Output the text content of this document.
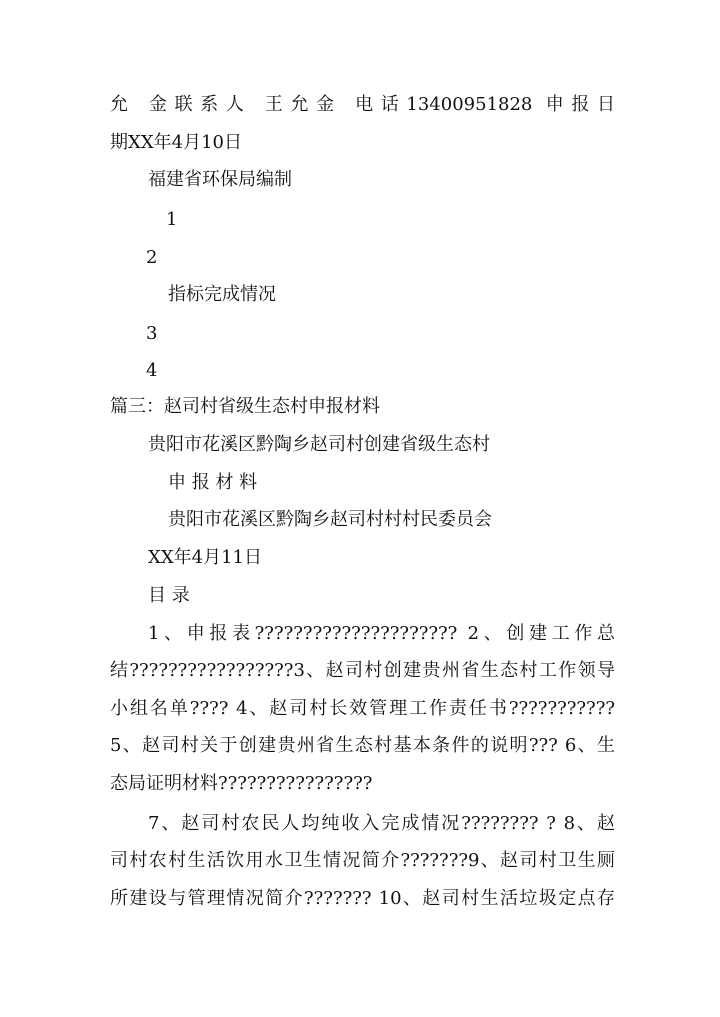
允 金联系人 王允金 电话13400951828 申报日
期XX年4月10日
福建省环保局编制
1
2
指标完成情况
3
4
篇三：赵司村省级生态村申报材料
贵阳市花溪区黔陶乡赵司村创建省级生态村
申 报 材 料
贵阳市花溪区黔陶乡赵司村村村民委员会
XX年4月11日
目 录
1、申报表????????????????????? 2、创建工作总
结?????????????????3、赵司村创建贵州省生态村工作领导
小组名单???? 4、赵司村长效管理工作责任书???????????
5、赵司村关于创建贵州省生态村基本条件的说明??? 6、生
态局证明材料????????????????
7、赵司村农民人均纯收入完成情况???????? ? 8、赵
司村农村生活饮用水卫生情况简介???????9、赵司村卫生厕
所建设与管理情况简介??????? 10、赵司村生活垃圾定点存
